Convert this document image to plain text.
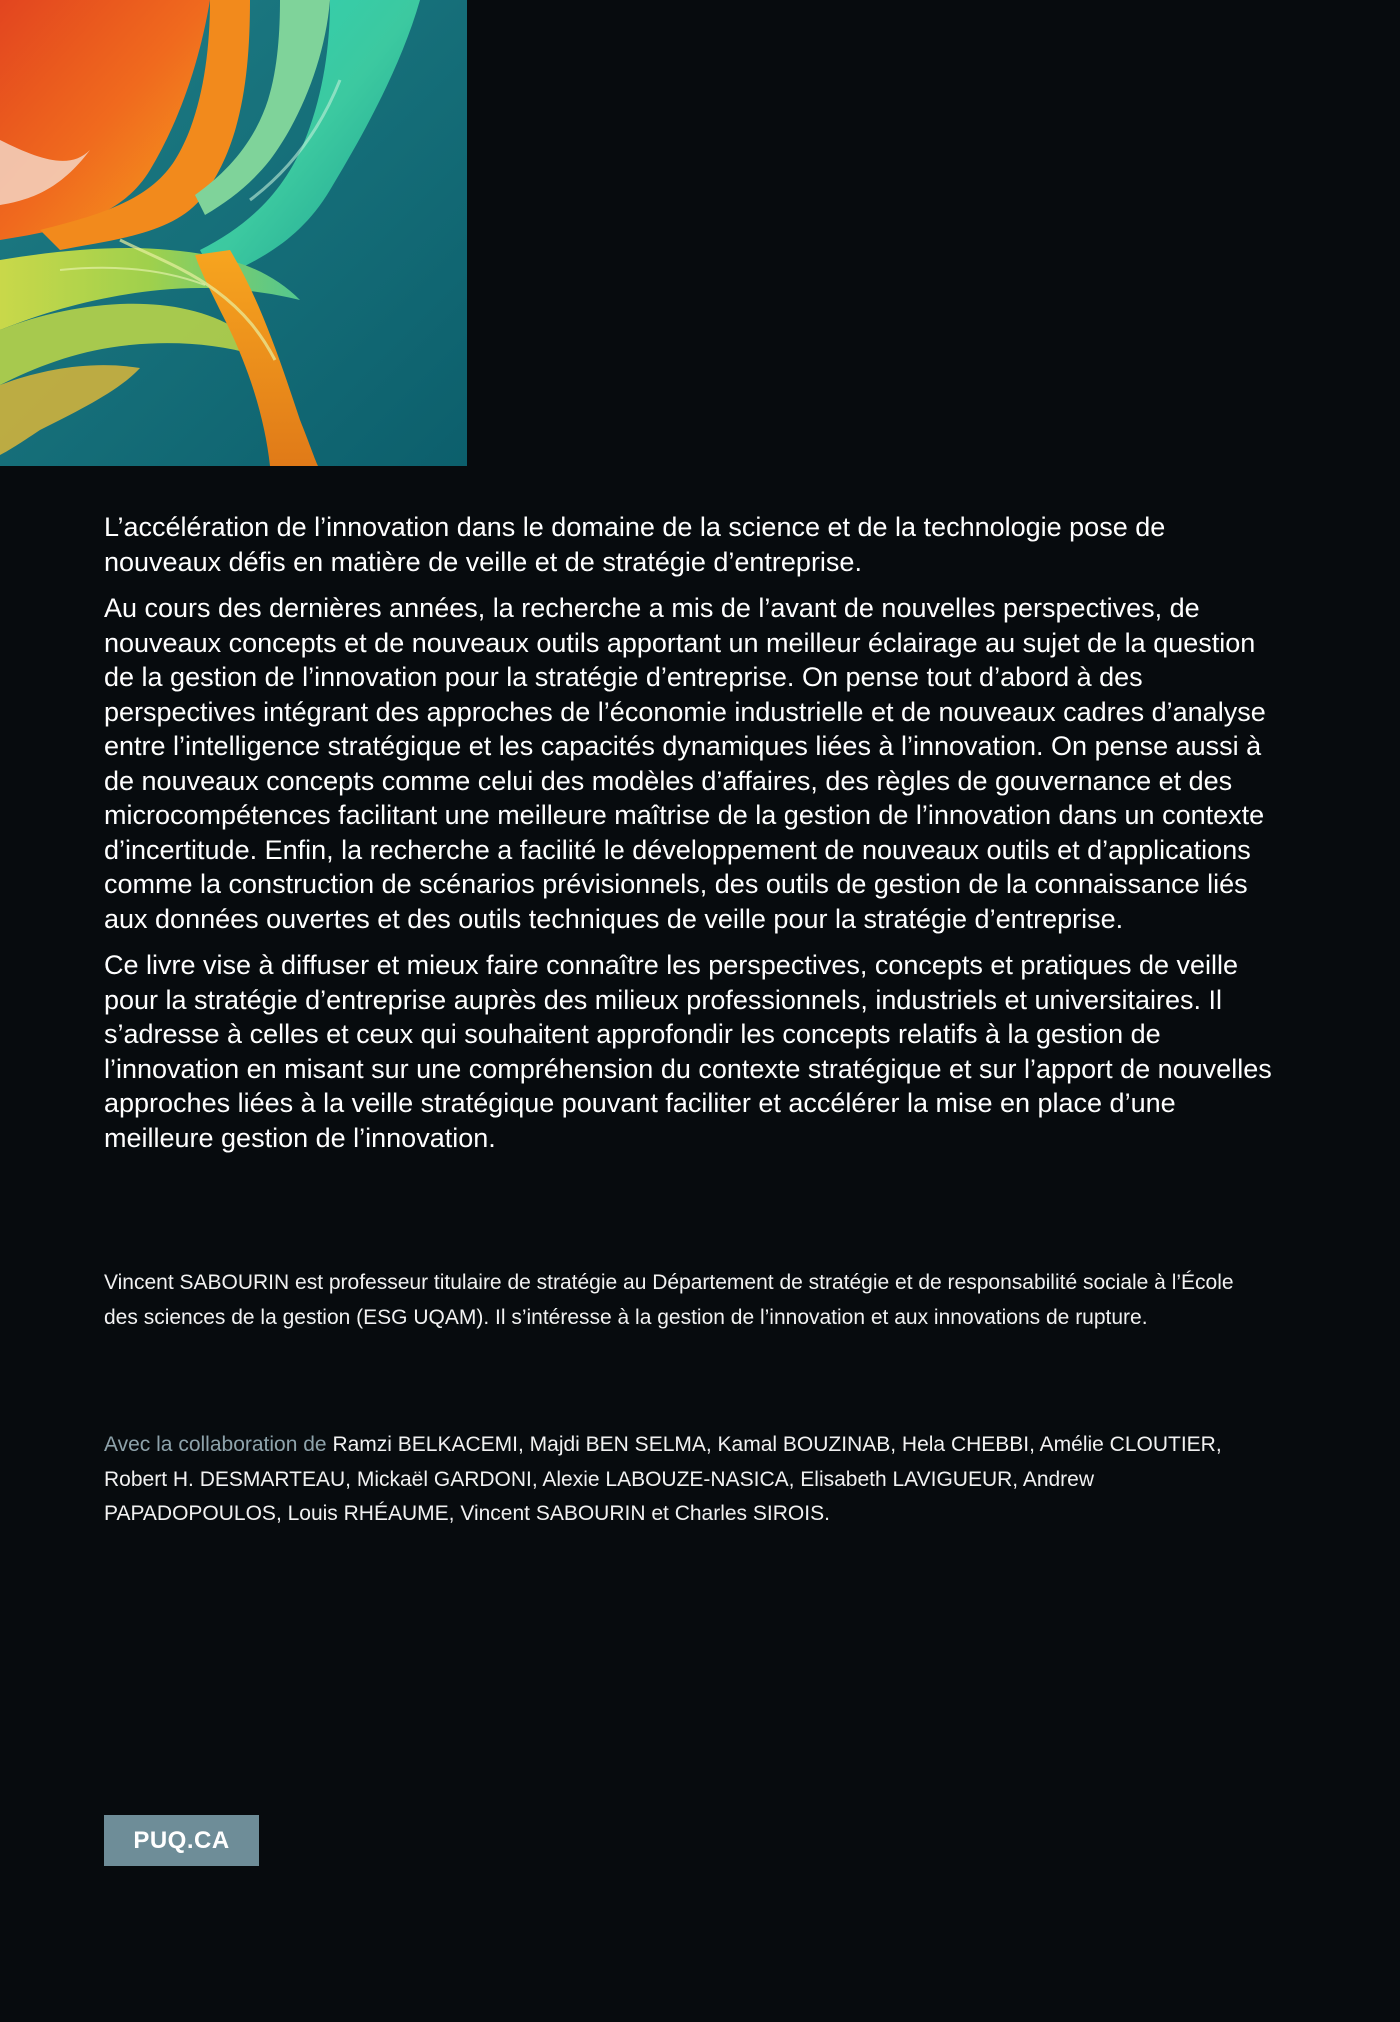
L’accélération de l’innovation dans le domaine de la science et de la technologie pose de nouveaux défis en matière de veille et de stratégie d’entreprise.

Au cours des dernières années, la recherche a mis de l’avant de nouvelles perspectives, de nouveaux concepts et de nouveaux outils apportant un meilleur éclairage au sujet de la question de la gestion de l’innovation pour la stratégie d’entreprise. On pense tout d’abord à des perspectives intégrant des approches de l’économie industrielle et de nouveaux cadres d’analyse entre l’intelligence stratégique et les capacités dynamiques liées à l’innovation. On pense aussi à de nouveaux concepts comme celui des modèles d’affaires, des règles de gouvernance et des microcompétences facilitant une meilleure maîtrise de la gestion de l’innovation dans un contexte d’incertitude. Enfin, la recherche a facilité le développement de nouveaux outils et d’applications comme la construction de scénarios prévisionnels, des outils de gestion de la connaissance liés aux données ouvertes et des outils techniques de veille pour la stratégie d’entreprise.

Ce livre vise à diffuser et mieux faire connaître les perspectives, concepts et pratiques de veille pour la stratégie d’entreprise auprès des milieux professionnels, industriels et universitaires. Il s’adresse à celles et ceux qui souhaitent approfondir les concepts relatifs à la gestion de l’innovation en misant sur une compréhension du contexte stratégique et sur l’apport de nouvelles approches liées à la veille stratégique pouvant faciliter et accélérer la mise en place d’une meilleure gestion de l’innovation.

Vincent SABOURIN est professeur titulaire de stratégie au Département de stratégie et de responsabilité sociale à l’École des sciences de la gestion (ESG UQAM). Il s’intéresse à la gestion de l’innovation et aux innovations de rupture.

Avec la collaboration de Ramzi BELKACEMI, Majdi BEN SELMA, Kamal BOUZINAB, Hela CHEBBI, Amélie CLOUTIER, Robert H. DESMARTEAU, Mickaël GARDONI, Alexie LABOUZE-NASICA, Elisabeth LAVIGUEUR, Andrew PAPADOPOULOS, Louis RHÉAUME, Vincent SABOURIN et Charles SIROIS.

PUQ.CA
